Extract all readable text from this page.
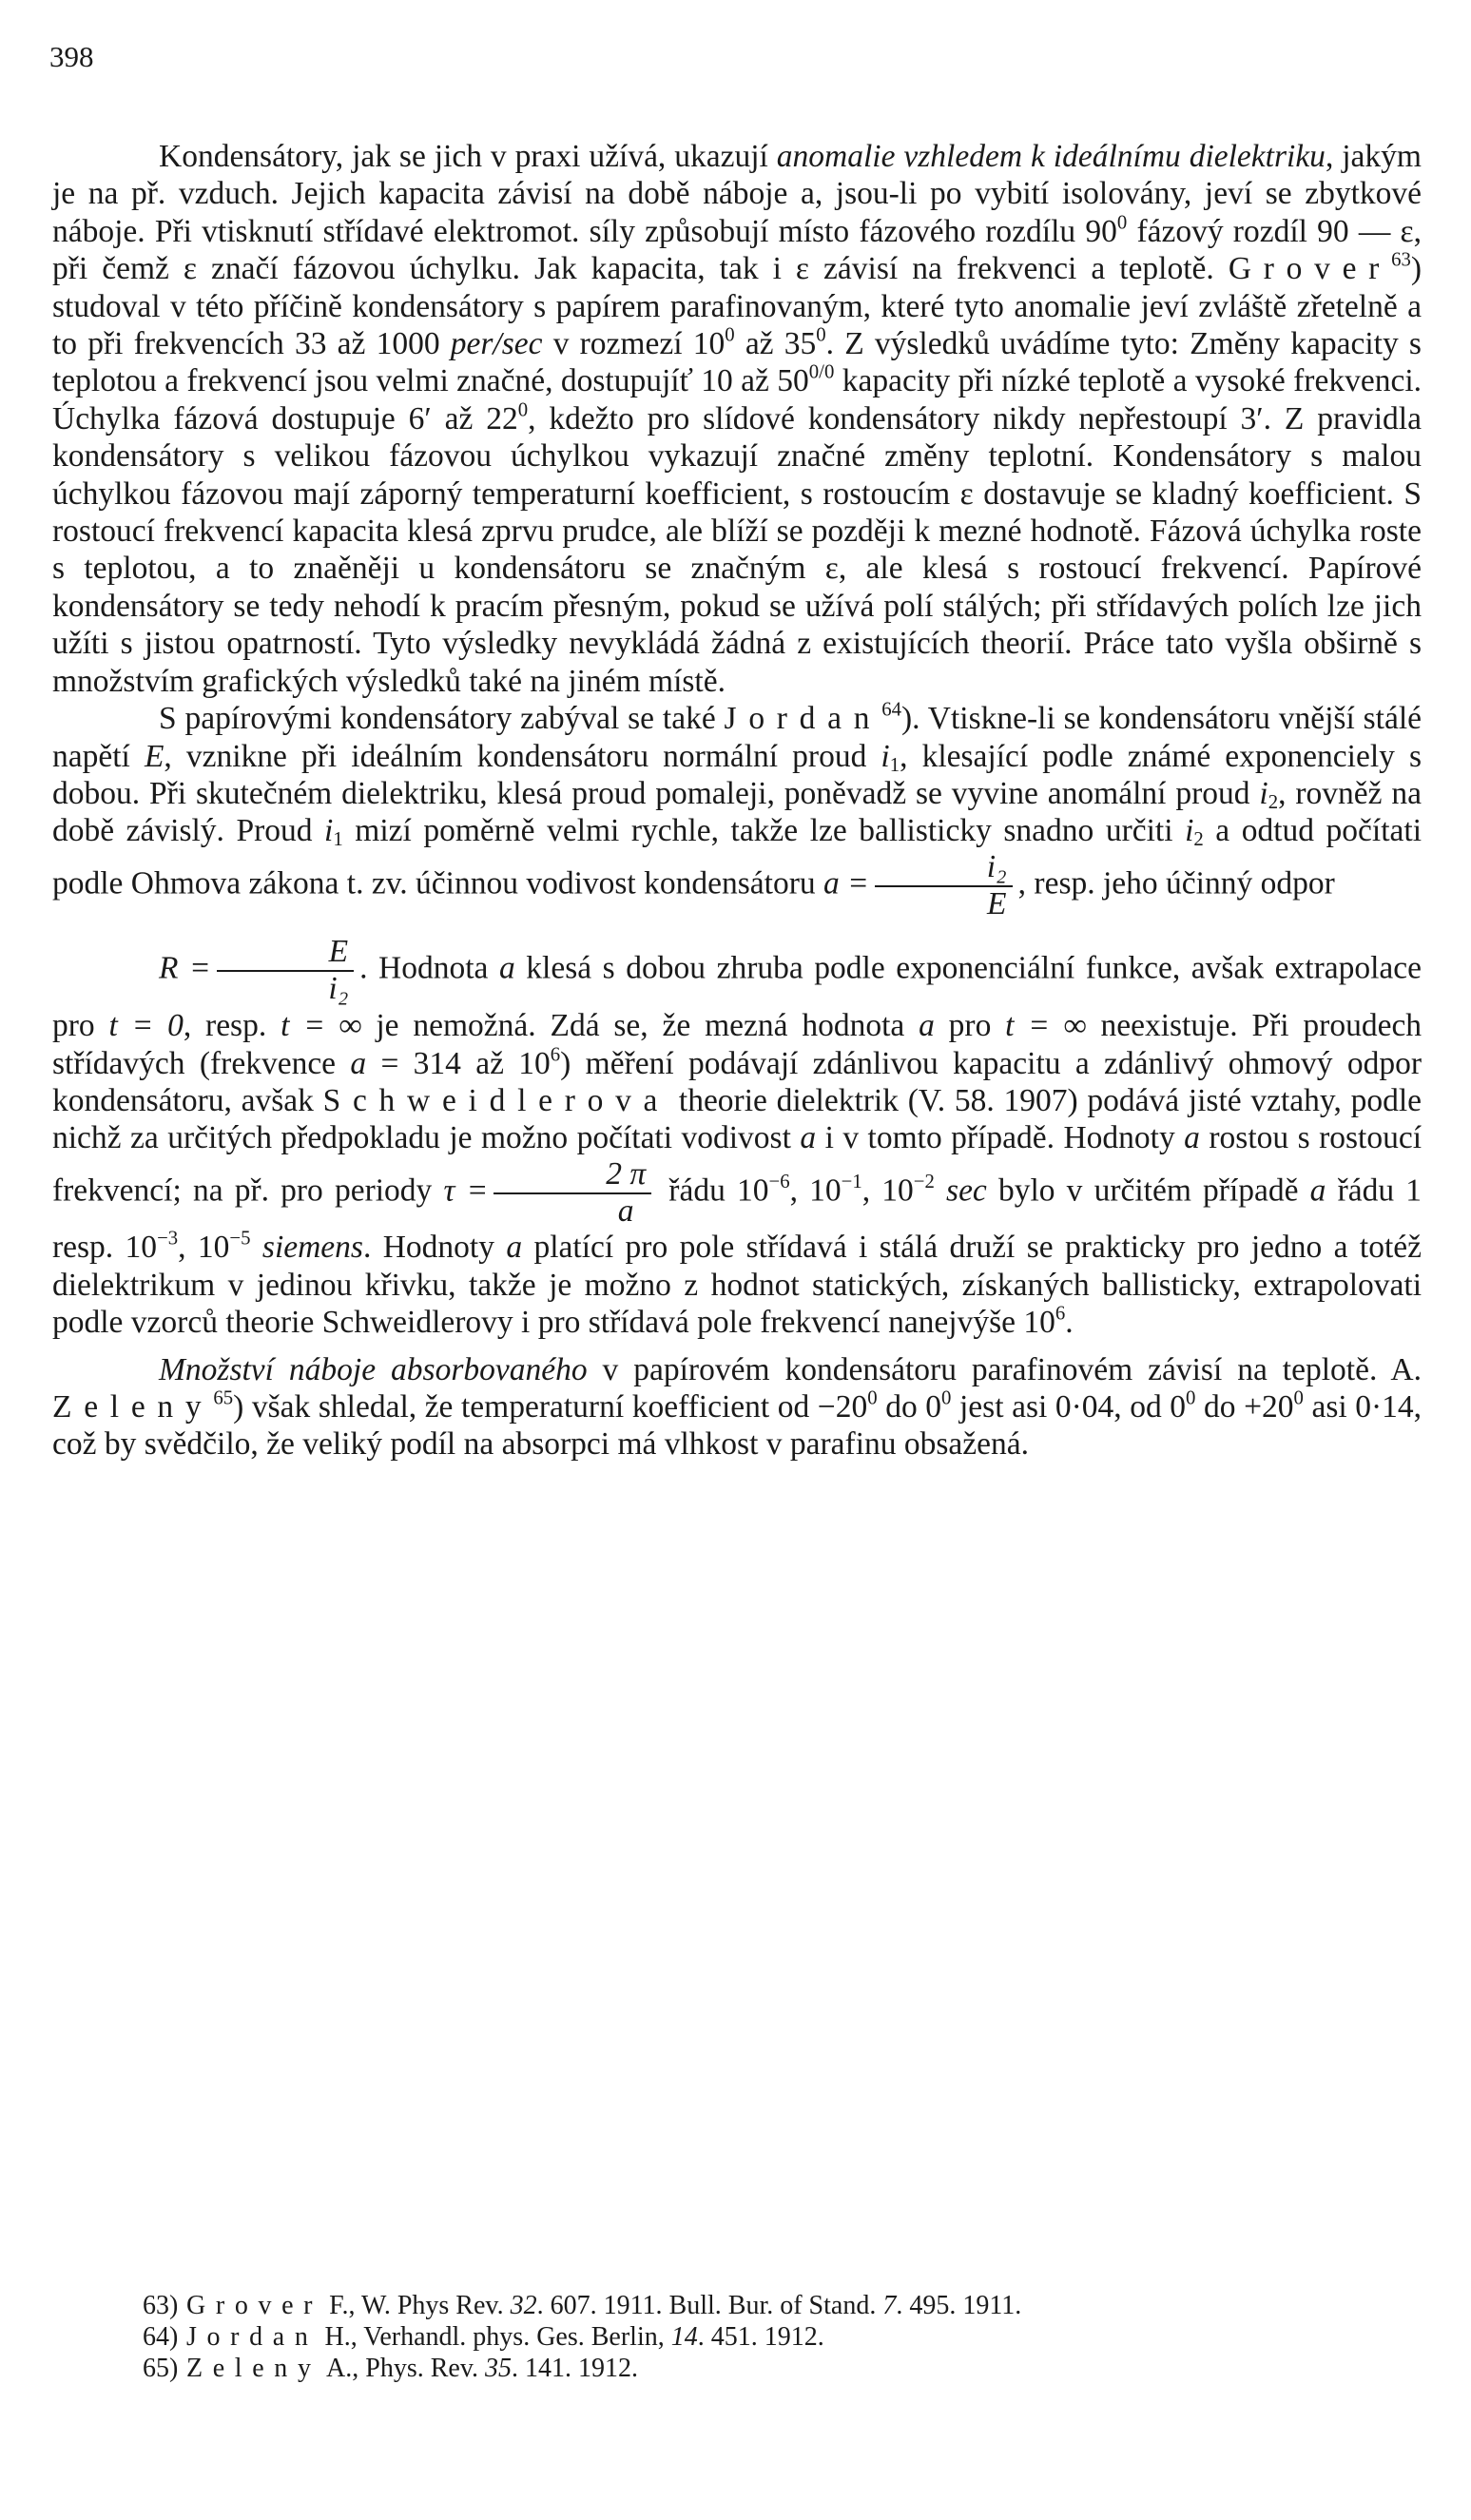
398

Kondensátory, jak se jich v praxi užívá, ukazují anomalie vzhledem k ideálnímu dielektriku, jakým je na př. vzduch. Jejich kapacita závisí na době náboje a, jsou-li po vybití isolovány, jeví se zbytkové náboje. Při vtisknutí střídavé elektromot. síly způsobují místo fázového rozdílu $90^0$ fázový rozdíl 90 — ε, při čemž ε značí fázovou úchylku. Jak kapacita, tak i ε závisí na frekvenci a teplotě. Grover$^{63}$) studoval v této příčině kondensátory s papírem parafinovaným, které tyto anomalie jeví zvláště zřetelně a to při frekvencích 33 až 1000 per/sec v rozmezí $10^0$ až $35^0$. Z výsledků uvádíme tyto: Změny kapacity s teplotou a frekvencí jsou velmi značné, dostupujíť 10 až $50^{0/0}$ kapacity při nízké teplotě a vysoké frekvenci. Úchylka fázová dostupuje 6′ až $22^0$, kdežto pro slídové kondensátory nikdy nepřestoupí 3′. Z pravidla kondensátory s velikou fázovou úchylkou vykazují značné změny teplotní. Kondensátory s malou úchylkou fázovou mají záporný temperaturní koefficient, s rostoucím ε dostavuje se kladný koefficient. S rostoucí frekvencí kapacita klesá zprvu prudce, ale blíží se později k mezné hodnotě. Fázová úchylka roste s teplotou, a to znaěněji u kondensátoru se značným ε, ale klesá s rostoucí frekvencí. Papírové kondensátory se tedy nehodí k pracím přesným, pokud se užívá polí stálých; při střídavých polích lze jich užíti s jistou opatrností. Tyto výsledky nevykládá žádná z existujících theorií. Práce tato vyšla obširně s množstvím grafických výsledků také na jiném místě.

S papírovými kondensátory zabýval se také Jordan$^{64}$). Vtiskne-li se kondensátoru vnější stálé napětí E, vznikne při ideálním kondensátoru normální proud $i_1$, klesající podle známé exponenciely s dobou. Při skutečném dielektriku, klesá proud pomaleji, poněvadž se vyvine anomální proud $i_2$, rovněž na době závislý. Proud $i_1$ mizí poměrně velmi rychle, takže lze ballisticky snadno určiti $i_2$ a odtud počítati podle Ohmova zákona t. zv. účinnou vodivost kondensátoru $a = \frac{\text{i₂}}{E}$ , resp. jeho účinný odpor
$R = \frac{E}{\text{i₂}}$ . Hodnota a klesá s dobou zhruba podle exponenciální funkce, avšak extrapolace pro t = 0, resp. t = ∞ je nemožná. Zdá se, že mezná hodnota a pro t = ∞ neexistuje. Při proudech střídavých (frekvence a = 314 až $10^6$) měření podávají zdánlivou kapacitu a zdánlivý ohmový odpor kondensátoru, avšak Schweidlerova theorie dielektrik (V. 58. 1907) podává jisté vztahy, podle nichž za určitých předpokladu je možno počítati vodivost a i v tomto případě. Hodnoty a rostou s rostoucí frekvencí; na př. pro periody $\tau = \frac{2 \pi}{a}$ řádu $10^{-6}$, $10^{-1}$, $10^{-2}$ sec bylo v určitém případě a řádu 1 resp. $10^{-3}$, $10^{-5}$ siemens. Hodnoty a platící pro pole střídavá i stálá druží se prakticky pro jedno a totéž dielektrikum v jedinou křivku, takže je možno z hodnot statických, získaných ballisticky, extrapolovati podle vzorců theorie Schweidlerovy i pro střídavá pole frekvencí nanejvýše $10^6$.

Množství náboje absorbovaného v papírovém kondensátoru parafinovém závisí na teplotě. A. Zeleny$^{65}$) však shledal, že temperaturní koefficient od $-20^0$ do $0^0$ jest asi 0·04, od $0^0$ do $+20^0$ asi 0·14, což by svědčilo, že veliký podíl na absorpci má vlhkost v parafinu obsažená.

63) Grover F., W. Phys Rev. 32. 607. 1911. Bull. Bur. of Stand. 7. 495. 1911.

64) Jordan H., Verhandl. phys. Ges. Berlin, 14. 451. 1912.

65) Zeleny A., Phys. Rev. 35. 141. 1912.
